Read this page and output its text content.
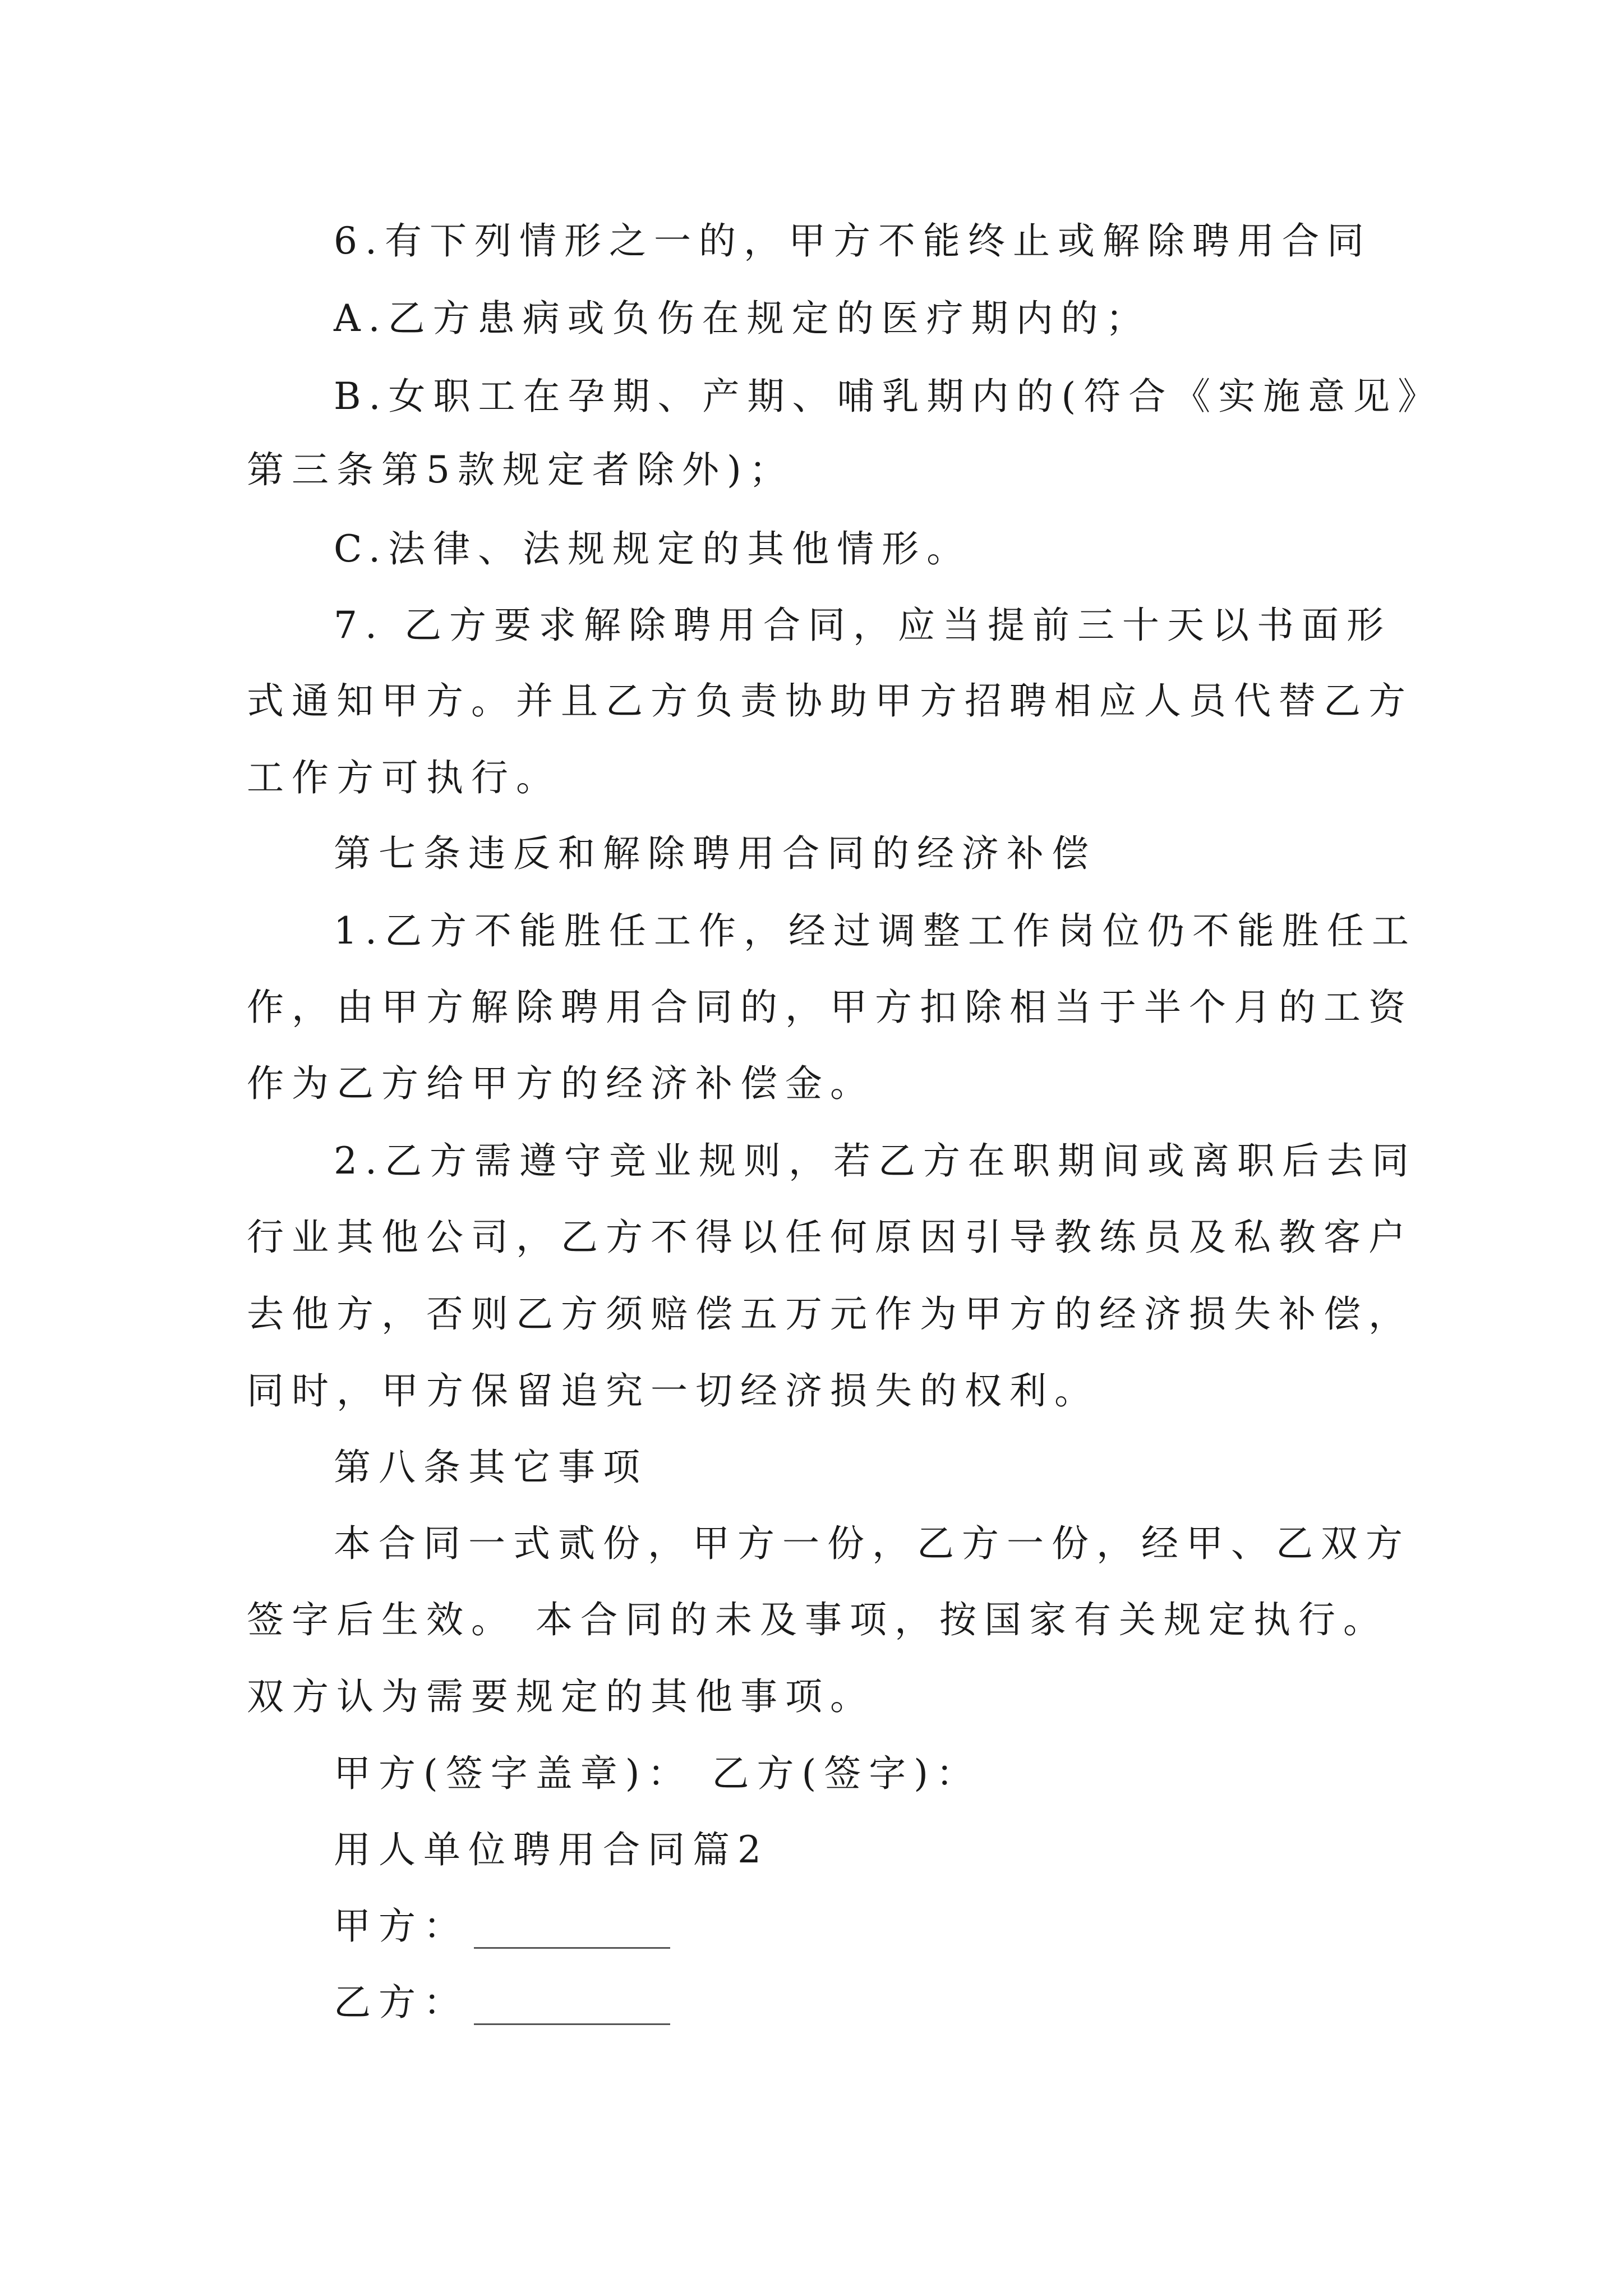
6.有下列情形之一的，甲方不能终止或解除聘用合同
A.乙方患病或负伤在规定的医疗期内的；
B.女职工在孕期、产期、哺乳期内的(符合《实施意见》
第三条第5款规定者除外)；
C.法律、法规规定的其他情形。
7. 乙方要求解除聘用合同，应当提前三十天以书面形
式通知甲方。并且乙方负责协助甲方招聘相应人员代替乙方
工作方可执行。
第七条违反和解除聘用合同的经济补偿
1.乙方不能胜任工作，经过调整工作岗位仍不能胜任工
作，由甲方解除聘用合同的，甲方扣除相当于半个月的工资
作为乙方给甲方的经济补偿金。
2.乙方需遵守竞业规则，若乙方在职期间或离职后去同
行业其他公司，乙方不得以任何原因引导教练员及私教客户
去他方，否则乙方须赔偿五万元作为甲方的经济损失补偿，
同时，甲方保留追究一切经济损失的权利。
第八条其它事项
本合同一式贰份，甲方一份，乙方一份，经甲、乙双方
签字后生效。 本合同的未及事项，按国家有关规定执行。
双方认为需要规定的其他事项。
甲方(签字盖章)： 乙方(签字)：
用人单位聘用合同篇2
甲方：
乙方：
